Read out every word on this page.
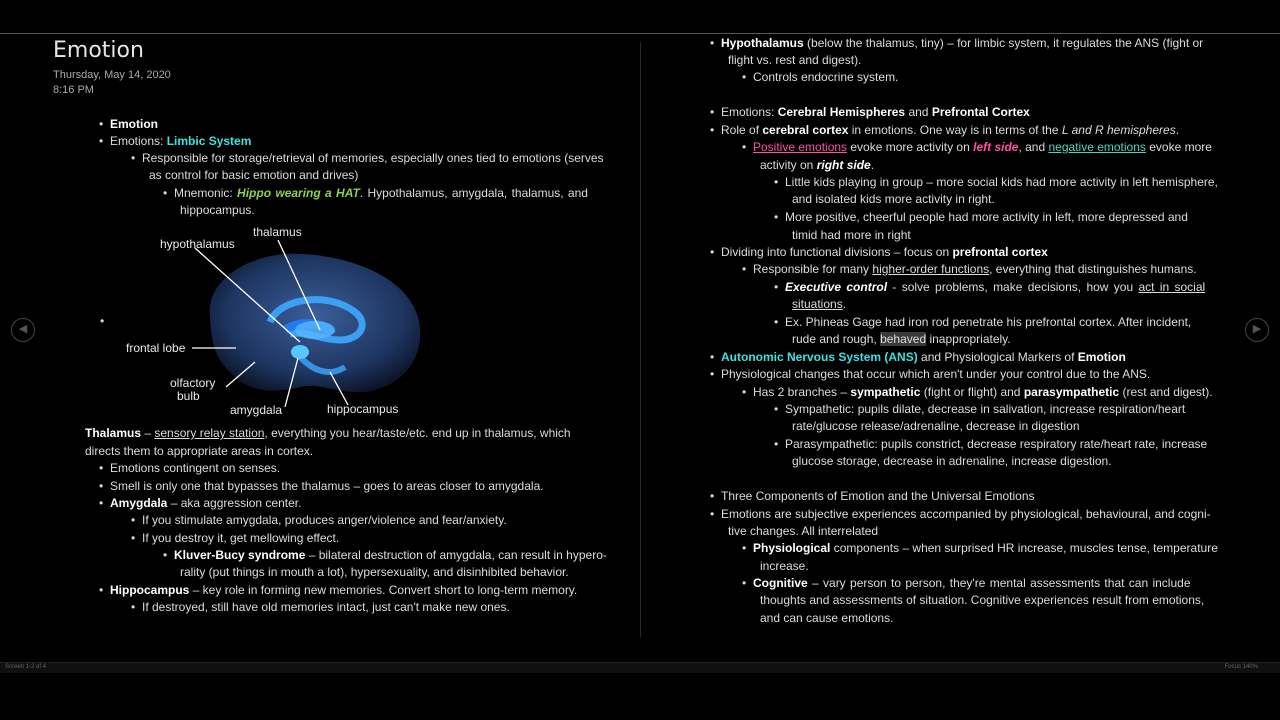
Emotion
Thursday, May 14, 2020
8:16 PM
• Emotion
• Emotions: Limbic System
• Responsible for storage/retrieval of memories, especially ones tied to emotions (serves
as control for basic emotion and drives)
• Mnemonic: Hippo wearing a HAT. Hypothalamus, amygdala, thalamus, and
hippocampus.
hypothalamus
thalamus
frontal lobe
olfactory
bulb
amygdala	hippocampus
Thalamus – sensory relay station, everything you hear/taste/etc. end up in thalamus, which
directs them to appropriate areas in cortex.
• Emotions contingent on senses.
• Smell is only one that bypasses the thalamus – goes to areas closer to amygdala.
• Amygdala – aka aggression center.
• If you stimulate amygdala, produces anger/violence and fear/anxiety.
• If you destroy it, get mellowing effect.
• Kluver-Bucy syndrome – bilateral destruction of amygdala, can result in hypero-
rality (put things in mouth a lot), hypersexuality, and disinhibited behavior.
• Hippocampus – key role in forming new memories. Convert short to long-term memory.
• If destroyed, still have old memories intact, just can't make new ones.
• Hypothalamus (below the thalamus, tiny) – for limbic system, it regulates the ANS (fight or
flight vs. rest and digest).
• Controls endocrine system.
• Emotions: Cerebral Hemispheres and Prefrontal Cortex
• Role of cerebral cortex in emotions. One way is in terms of the L and R hemispheres.
• Positive emotions evoke more activity on left side, and negative emotions evoke more
activity on right side.
• Little kids playing in group – more social kids had more activity in left hemisphere,
and isolated kids more activity in right.
• More positive, cheerful people had more activity in left, more depressed and
timid had more in right
• Dividing into functional divisions – focus on prefrontal cortex
• Responsible for many higher-order functions, everything that distinguishes humans.
• Executive control - solve problems, make decisions, how you act in social
situations.
• Ex. Phineas Gage had iron rod penetrate his prefrontal cortex. After incident,
rude and rough, behaved inappropriately.
• Autonomic Nervous System (ANS) and Physiological Markers of Emotion
• Physiological changes that occur which aren't under your control due to the ANS.
• Has 2 branches – sympathetic (fight or flight) and parasympathetic (rest and digest).
• Sympathetic: pupils dilate, decrease in salivation, increase respiration/heart
rate/glucose release/adrenaline, decrease in digestion
• Parasympathetic: pupils constrict, decrease respiratory rate/heart rate, increase
glucose storage, decrease in adrenaline, increase digestion.
• Three Components of Emotion and the Universal Emotions
• Emotions are subjective experiences accompanied by physiological, behavioural, and cogni-
tive changes. All interrelated
• Physiological components – when surprised HR increase, muscles tense, temperature
increase.
• Cognitive – vary person to person, they're mental assessments that can include
thoughts and assessments of situation. Cognitive experiences result from emotions,
and can cause emotions.
◀	▶
Screen 1-2 of 4	Focus 140%
